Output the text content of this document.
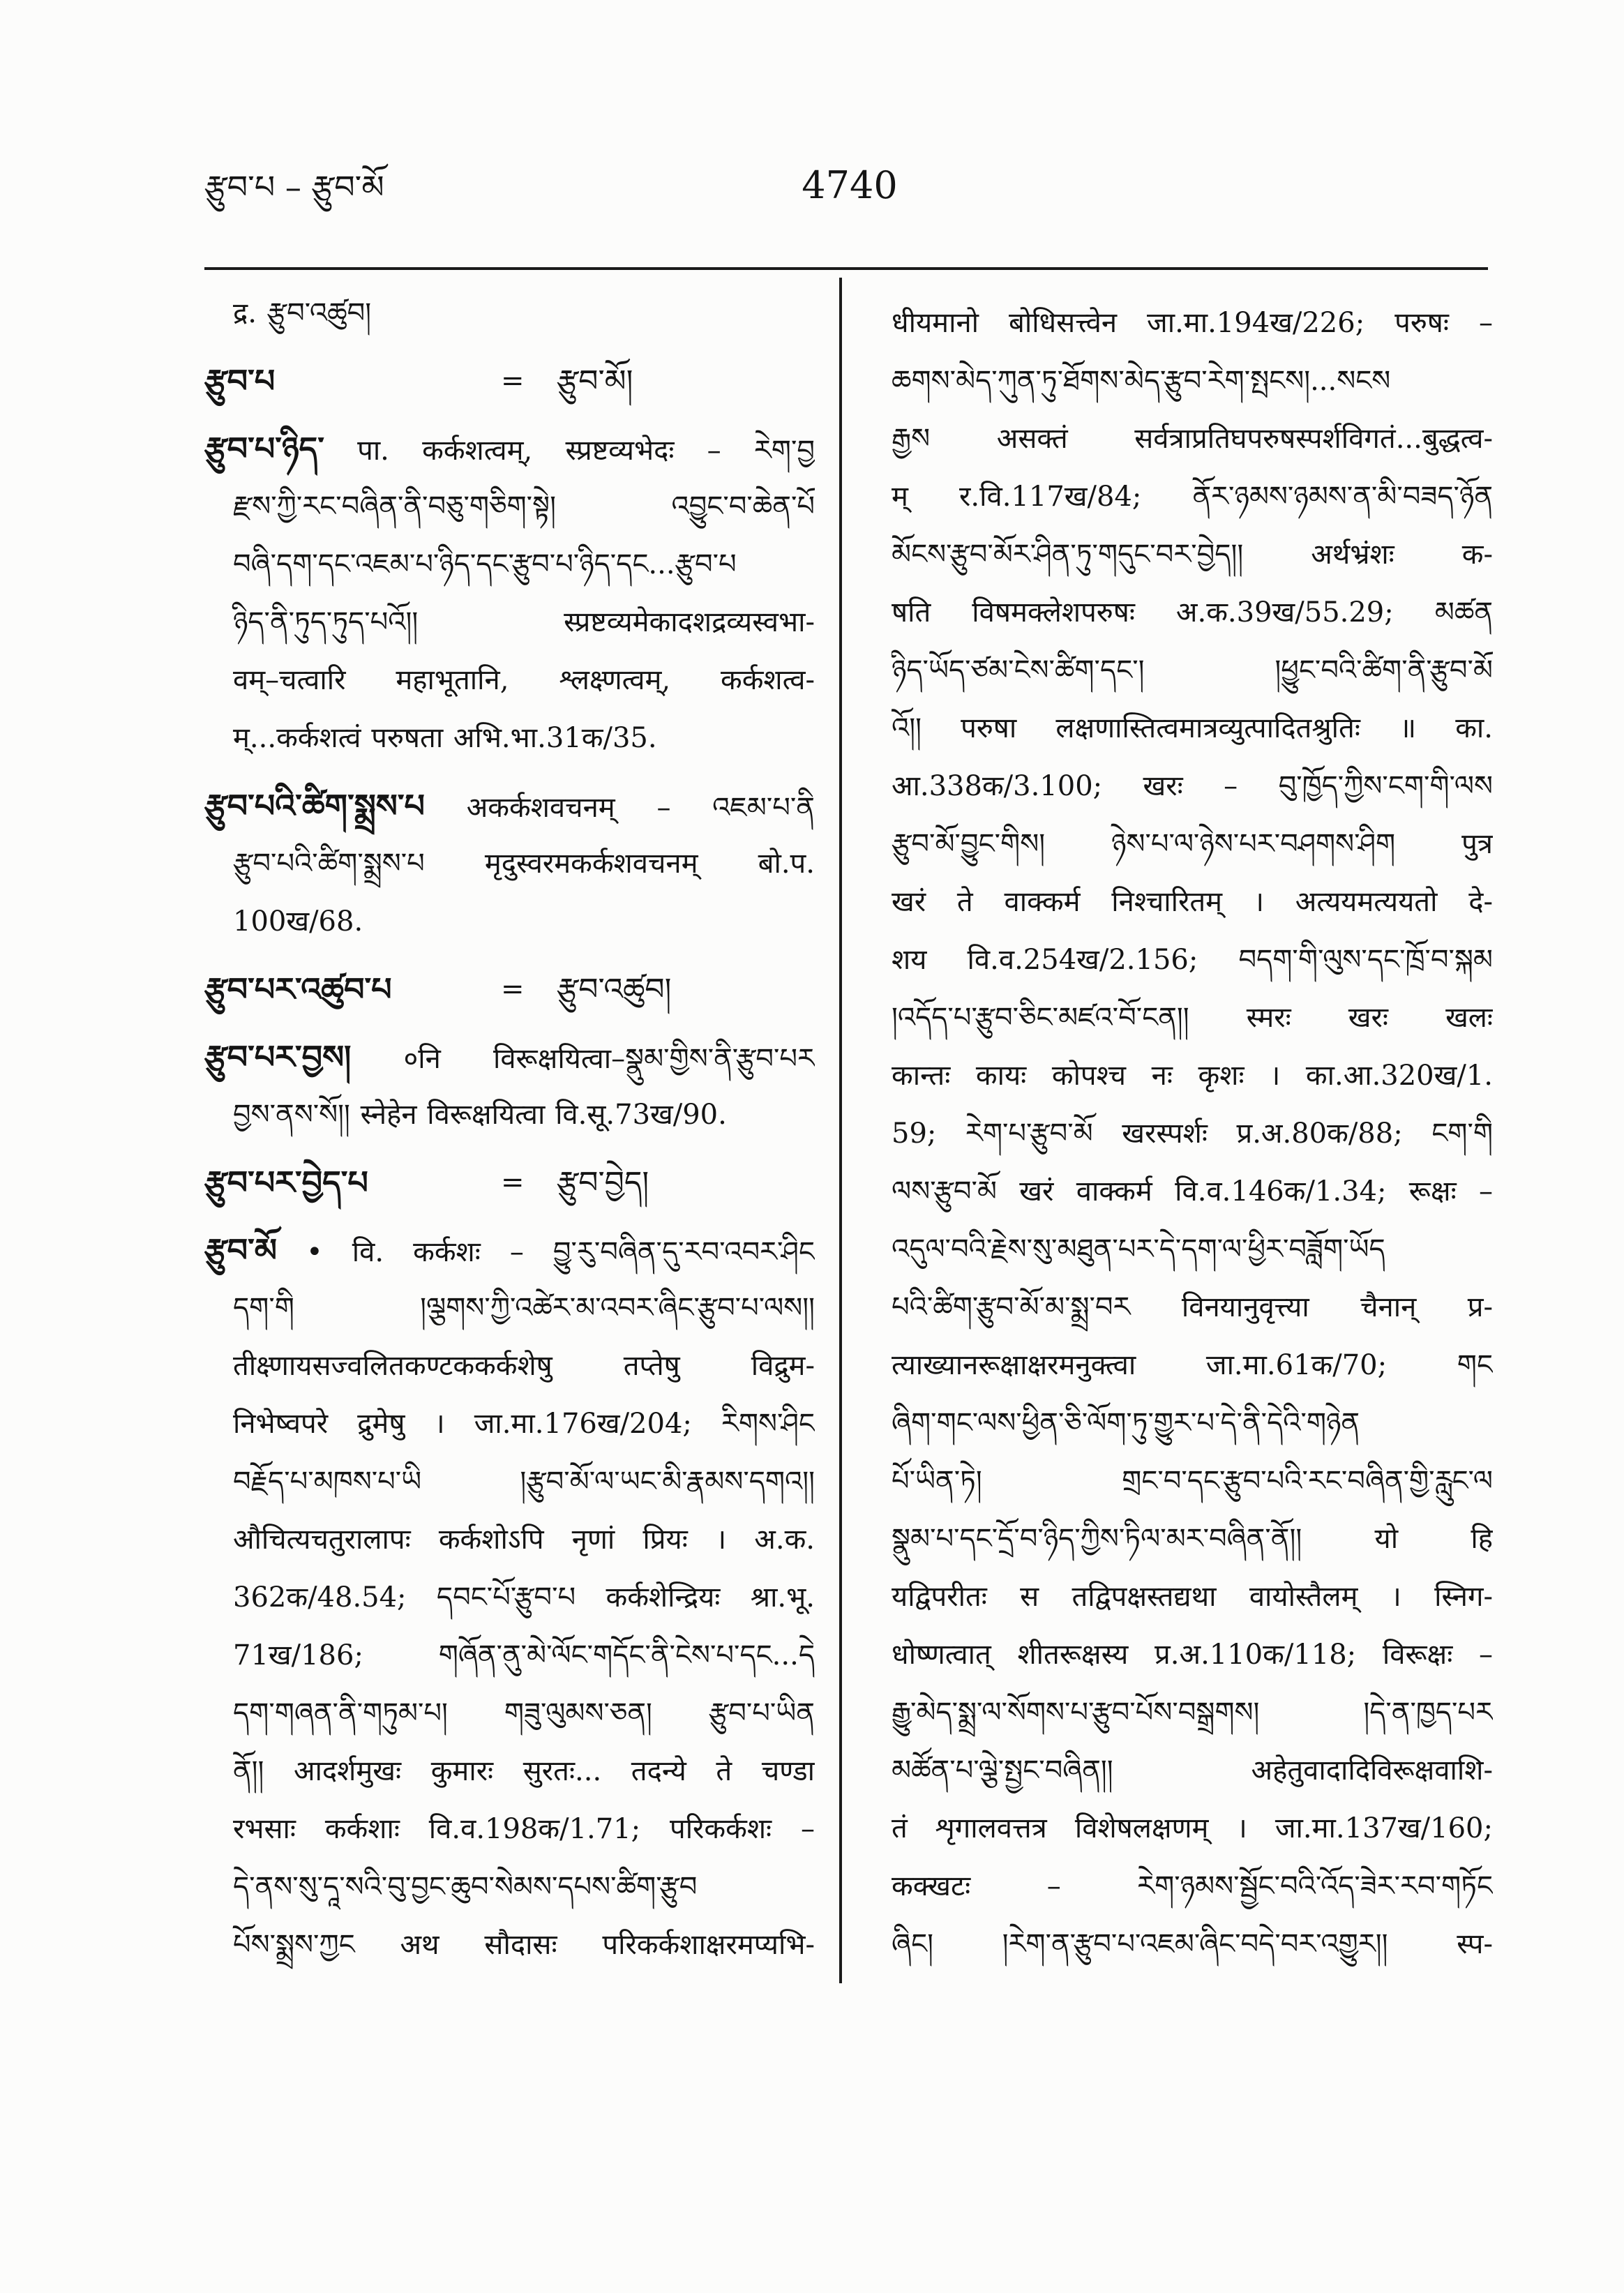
རྩུབ་པ – རྩུབ་མོ	4740
द्र. རྩུབ་འཚུབ།
རྩུབ་པ	= རྩུབ་མོ།
རྩུབ་པ་ཉིད་ पा. कर्कशत्वम्, स्प्रष्टव्यभेदः – རེག་བྱ
རྫས་ཀྱི་རང་བཞིན་ནི་བཅུ་གཅིག་སྟེ། འབྱུང་བ་ཆེན་པོ
བཞི་དག་དང་འཇམ་པ་ཉིད་དང་རྩུབ་པ་ཉིད་དང...རྩུབ་པ
ཉིད་ནི་ཏུད་ཏུད་པའོ།། स्प्रष्टव्यमेकादशद्रव्यस्वभा-
वम्–चत्वारि महाभूतानि, श्लक्ष्णत्वम्, कर्कशत्व-
म्...कर्कशत्वं परुषता अभि.भा.31क/35.
རྩུབ་པའི་ཚིག་སྨྲས་པ अकर्कशवचनम् – འཇམ་པ་ནི
རྩུབ་པའི་ཚིག་སྨྲས་པ मृदुस्वरमकर्कशवचनम् बो.प.
100ख/68.
རྩུབ་པར་འཚུབ་པ	= རྩུབ་འཚུབ།
རྩུབ་པར་བྱས། ०नि विरूक्षयित्वा–སྣུམ་གྱིས་ནི་རྩུབ་པར
བྱས་ནས་སོ།། स्नेहेन विरूक्षयित्वा वि.सू.73ख/90.
རྩུབ་པར་བྱེད་པ	= རྩུབ་བྱེད།
རྩུབ་མོ • वि. कर्कशः – བྱུ་རུ་བཞིན་དུ་རབ་འབར་ཤིང
དག་གི །ལྕགས་ཀྱི་འཚེར་མ་འབར་ཞིང་རྩུབ་པ་ལས།།
तीक्ष्णायसज्वलितकण्टककर्कशेषु तप्तेषु विद्रुम-
निभेष्वपरे द्रुमेषु । जा.मा.176ख/204; རིགས་ཤིང
བརྗོད་པ་མཁས་པ་ཡི །རྩུབ་མོ་ལ་ཡང་མི་རྣམས་དགའ།།
औचित्यचतुरालापः कर्कशोऽपि नृणां प्रियः । अ.क.
362क/48.54; དབང་པོ་རྩུབ་པ कर्कशेन्द्रियः श्रा.भू.
71ख/186; གཞོན་ནུ་མེ་ལོང་གདོང་ནི་ངེས་པ་དང...དེ
དག་གཞན་ནི་གཏུམ་པ། གཟུ་ལུམས་ཅན། རྩུབ་པ་ཡིན
ནོ།། आदर्शमुखः कुमारः सुरतः... तदन्ये ते चण्डा
रभसाः कर्कशाः वि.व.198क/1.71; परिकर्कशः –
དེ་ནས་སུ་དཱ་སའི་བུ་བྱང་ཆུབ་སེམས་དཔས་ཚིག་རྩུབ
པོས་སྨྲས་ཀྱང अथ सौदासः परिकर्कशाक्षरमप्यभि-
धीयमानो बोधिसत्त्वेन जा.मा.194ख/226; परुषः –
ཆགས་མེད་ཀུན་ཏུ་ཐོགས་མེད་རྩུབ་རེག་སྤངས།...སངས
རྒྱས असक्तं सर्वत्राप्रतिघपरुषस्पर्शविगतं...बुद्धत्व-
म् र.वि.117ख/84; ནོར་ཉམས་ཉམས་ན་མི་བཟད་ཉོན
མོངས་རྩུབ་མོར་ཤིན་ཏུ་གདུང་བར་བྱེད།། अर्थभ्रंशः क-
षति विषमक्लेशपरुषः अ.क.39ख/55.29; མཚན
ཉིད་ཡོད་ཙམ་ངེས་ཚིག་དང་། །ཕྱུང་བའི་ཚིག་ནི་རྩུབ་མོ
འོ།། परुषा लक्षणास्तित्वमात्रव्युत्पादितश्रुतिः ॥ का.
आ.338क/3.100; खरः – བུ་ཁྱོད་ཀྱིས་ངག་གི་ལས
རྩུབ་མོ་བྱུང་གིས། ཉེས་པ་ལ་ཉེས་པར་བཤགས་ཤིག पुत्र
खरं ते वाक्कर्म निश्चारितम् । अत्ययमत्ययतो दे-
शय वि.व.254ख/2.156; བདག་གི་ལུས་དང་ཁྲོ་བ་སྐམ
།འདོད་པ་རྩུབ་ཅིང་མཛའ་བོ་ངན།། स्मरः खरः खलः
कान्तः कायः कोपश्च नः कृशः । का.आ.320ख/1.
59; རེག་པ་རྩུབ་མོ खरस्पर्शः प्र.अ.80क/88; ངག་གི
ལས་རྩུབ་མོ खरं वाक्कर्म वि.व.146क/1.34; रूक्षः –
འདུལ་བའི་རྗེས་སུ་མཐུན་པར་དེ་དག་ལ་ཕྱིར་བཟློག་ཡོད
པའི་ཚིག་རྩུབ་མོ་མ་སྨྲ་བར विनयानुवृत्त्या चैनान् प्र-
त्याख्यानरूक्षाक्षरमनुक्त्वा जा.मा.61क/70; གང
ཞིག་གང་ལས་ཕྱིན་ཅི་ལོག་ཏུ་གྱུར་པ་དེ་ནི་དེའི་གཉེན
པོ་ཡིན་ཏེ། གྲང་བ་དང་རྩུབ་པའི་རང་བཞིན་གྱི་རླུང་ལ
སྣུམ་པ་དང་དྲོ་བ་ཉིད་ཀྱིས་ཏིལ་མར་བཞིན་ནོ།། यो हि
यद्विपरीतः स तद्विपक्षस्तद्यथा वायोस्तैलम् । स्निग-
धोष्णत्वात् शीतरूक्षस्य प्र.अ.110क/118; विरूक्षः –
རྒྱུ་མེད་སྨྲ་ལ་སོགས་པ་རྩུབ་པོས་བསྒྲགས། །དེ་ན་ཁྱད་པར
མཚོན་པ་ལྕེ་སྤྱང་བཞིན།། अहेतुवादादिविरूक्षवाशि-
तं शृगालवत्तत्र विशेषलक्षणम् । जा.मा.137ख/160;
कक्खटः – རེག་ཉམས་སྦྱོང་བའི་འོད་ཟེར་རབ་གཏོང
ཞིང། །རེག་ན་རྩུབ་པ་འཇམ་ཞིང་བདེ་བར་འགྱུར།། स्प-
